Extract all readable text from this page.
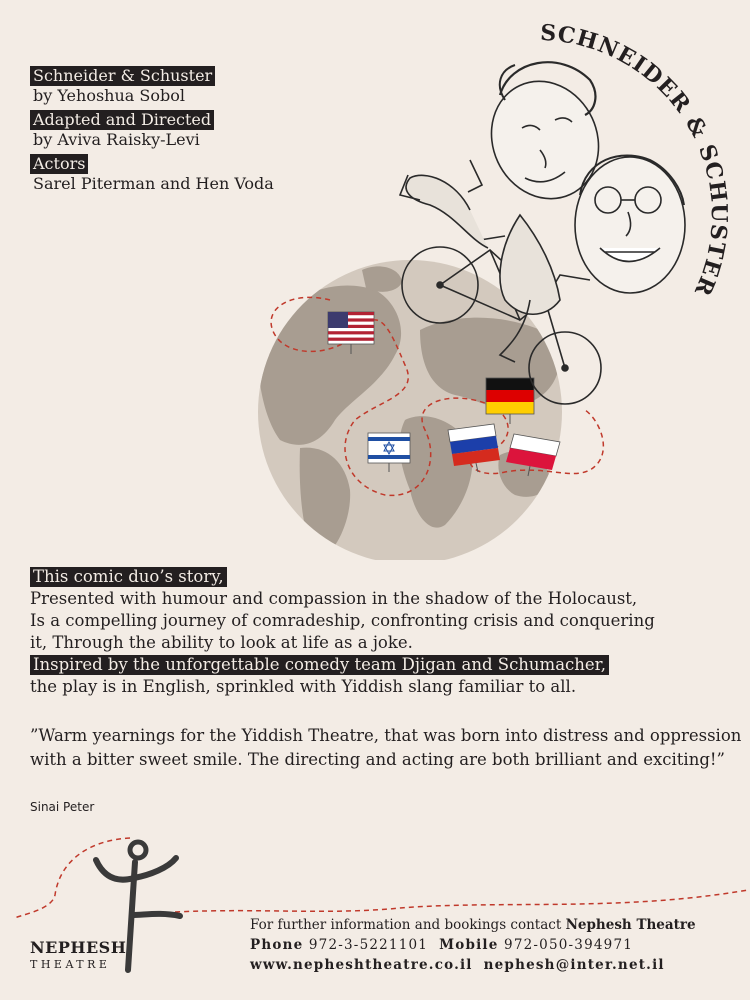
Schneider & Schuster
by Yehoshua Sobol
Adapted and Directed
by Aviva Raisky-Levi
Actors
Sarel Piterman and Hen Voda
SCHNEIDER & SCHUSTER
This comic duo’s story,
Presented with humour and compassion in the shadow of the Holocaust,
Is a compelling journey of comradeship, confronting crisis and conquering
it, Through the ability to look at life as a joke.
Inspired by the unforgettable comedy team Djigan and Schumacher,
the play is in English, sprinkled with Yiddish slang familiar to all.
”Warm yearnings for the Yiddish Theatre, that was born into distress and oppression with a bitter sweet smile. The directing and acting are both brilliant and exciting!”
Sinai Peter
NEPHESH
THEATRE
For further information and bookings contact Nephesh Theatre
Phone 972-3-5221101 Mobile 972-050-394971
www.nepheshtheatre.co.il nephesh@inter.net.il
